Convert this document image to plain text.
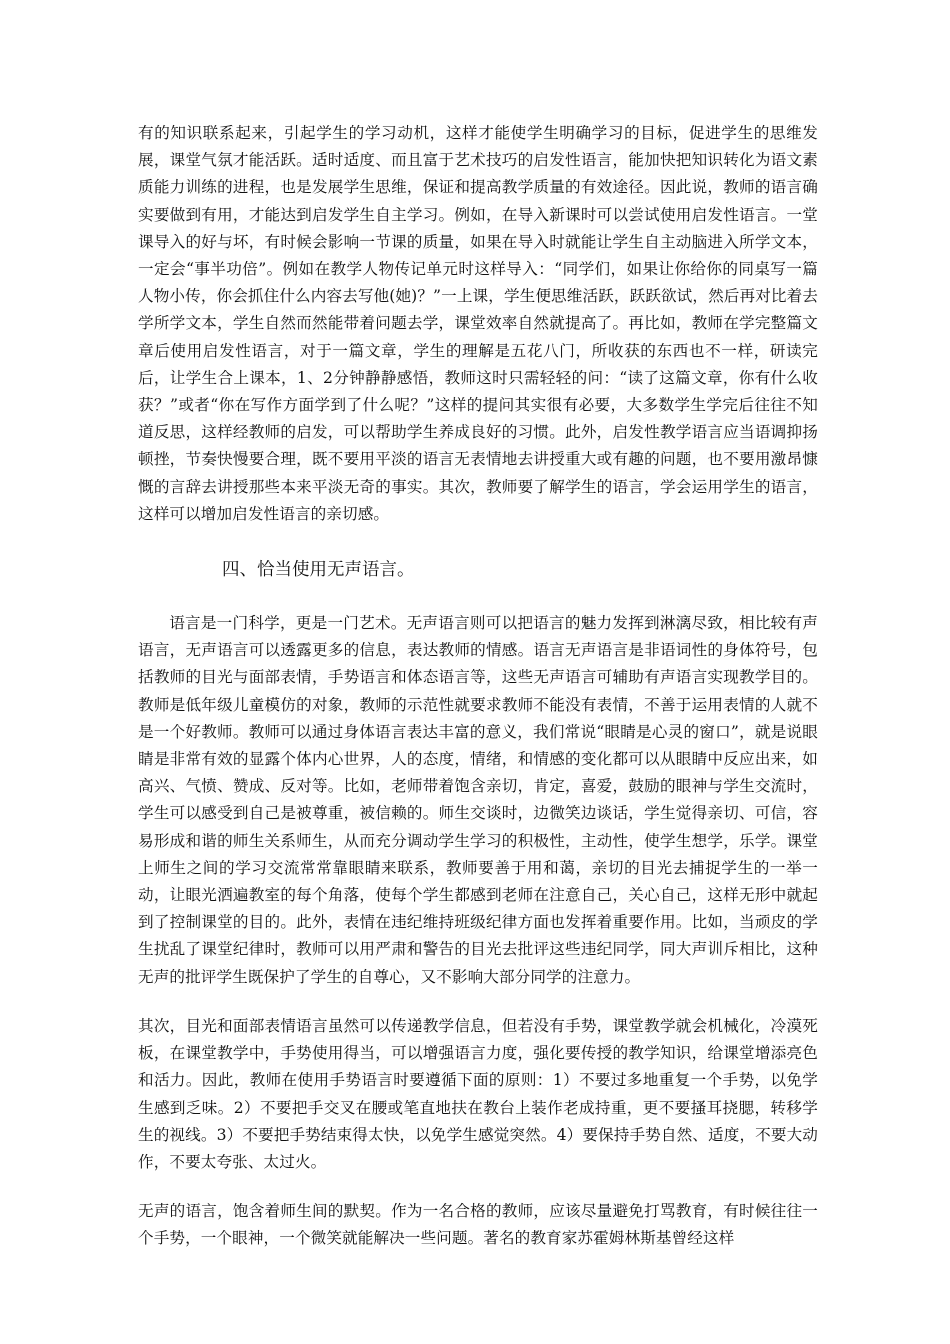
有的知识联系起来，引起学生的学习动机，这样才能使学生明确学习的目标，促进学生的思维发展，课堂气氛才能活跃。适时适度、而且富于艺术技巧的启发性语言，能加快把知识转化为语文素质能力训练的进程，也是发展学生思维，保证和提高教学质量的有效途径。因此说，教师的语言确实要做到有用，才能达到启发学生自主学习。例如，在导入新课时可以尝试使用启发性语言。一堂课导入的好与坏，有时候会影响一节课的质量，如果在导入时就能让学生自主动脑进入所学文本，一定会“事半功倍”。例如在教学人物传记单元时这样导入：“同学们，如果让你给你的同桌写一篇人物小传，你会抓住什么内容去写他(她)？”一上课，学生便思维活跃，跃跃欲试，然后再对比着去学所学文本，学生自然而然能带着问题去学，课堂效率自然就提高了。再比如，教师在学完整篇文章后使用启发性语言，对于一篇文章，学生的理解是五花八门，所收获的东西也不一样，研读完后，让学生合上课本，1、2分钟静静感悟，教师这时只需轻轻的问：“读了这篇文章，你有什么收获？”或者“你在写作方面学到了什么呢？”这样的提问其实很有必要，大多数学生学完后往往不知道反思，这样经教师的启发，可以帮助学生养成良好的习惯。此外，启发性教学语言应当语调抑扬顿挫，节奏快慢要合理，既不要用平淡的语言无表情地去讲授重大或有趣的问题，也不要用激昂慷慨的言辞去讲授那些本来平淡无奇的事实。其次，教师要了解学生的语言，学会运用学生的语言，这样可以增加启发性语言的亲切感。

四、恰当使用无声语言。

语言是一门科学，更是一门艺术。无声语言则可以把语言的魅力发挥到淋漓尽致，相比较有声语言，无声语言可以透露更多的信息，表达教师的情感。语言无声语言是非语词性的身体符号，包括教师的目光与面部表情，手势语言和体态语言等，这些无声语言可辅助有声语言实现教学目的。教师是低年级儿童模仿的对象，教师的示范性就要求教师不能没有表情，不善于运用表情的人就不是一个好教师。教师可以通过身体语言表达丰富的意义，我们常说“眼睛是心灵的窗口”，就是说眼睛是非常有效的显露个体内心世界，人的态度，情绪，和情感的变化都可以从眼睛中反应出来，如高兴、气愤、赞成、反对等。比如，老师带着饱含亲切，肯定，喜爱，鼓励的眼神与学生交流时，学生可以感受到自己是被尊重，被信赖的。师生交谈时，边微笑边谈话，学生觉得亲切、可信，容易形成和谐的师生关系师生，从而充分调动学生学习的积极性，主动性，使学生想学，乐学。课堂上师生之间的学习交流常常靠眼睛来联系，教师要善于用和蔼，亲切的目光去捕捉学生的一举一动，让眼光洒遍教室的每个角落，使每个学生都感到老师在注意自己，关心自己，这样无形中就起到了控制课堂的目的。此外，表情在违纪维持班级纪律方面也发挥着重要作用。比如，当顽皮的学生扰乱了课堂纪律时，教师可以用严肃和警告的目光去批评这些违纪同学，同大声训斥相比，这种无声的批评学生既保护了学生的自尊心，又不影响大部分同学的注意力。

其次，目光和面部表情语言虽然可以传递教学信息，但若没有手势，课堂教学就会机械化，冷漠死板，在课堂教学中，手势使用得当，可以增强语言力度，强化要传授的教学知识，给课堂增添亮色和活力。因此，教师在使用手势语言时要遵循下面的原则：1）不要过多地重复一个手势，以免学生感到乏味。2）不要把手交叉在腰或笔直地扶在教台上装作老成持重，更不要搔耳挠腮，转移学生的视线。3）不要把手势结束得太快，以免学生感觉突然。4）要保持手势自然、适度，不要大动作，不要太夸张、太过火。

无声的语言，饱含着师生间的默契。作为一名合格的教师，应该尽量避免打骂教育，有时候往往一个手势，一个眼神，一个微笑就能解决一些问题。著名的教育家苏霍姆林斯基曾经这样
